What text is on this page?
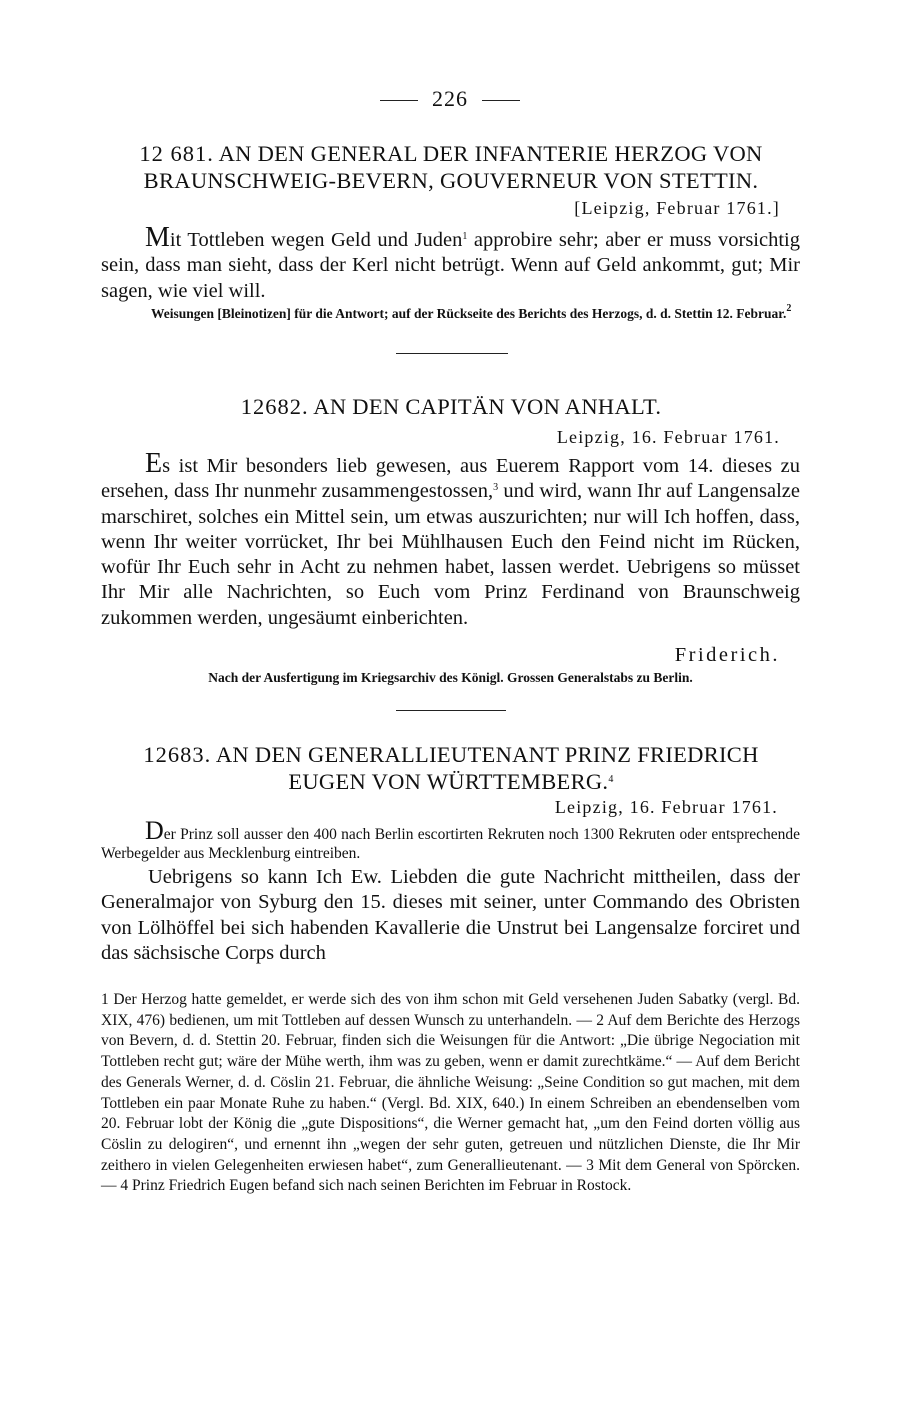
226
12 681. AN DEN GENERAL DER INFANTERIE HERZOG VON
BRAUNSCHWEIG-BEVERN, GOUVERNEUR VON STETTIN.
[Leipzig, Februar 1761.]
Mit Tottleben wegen Geld und Juden$^1$ approbire sehr; aber er muss vorsichtig sein, dass man sieht, dass der Kerl nicht betrügt. Wenn auf Geld ankommt, gut; Mir sagen, wie viel will.
Weisungen [Bleinotizen] für die Antwort; auf der Rückseite des Berichts des Herzogs, d. d. Stettin 12. Februar.$^2$
12682. AN DEN CAPITÄN VON ANHALT.
Leipzig, 16. Februar 1761.
Es ist Mir besonders lieb gewesen, aus Euerem Rapport vom 14. dieses zu ersehen, dass Ihr nunmehr zusammengestossen,$^3$ und wird, wann Ihr auf Langensalze marschiret, solches ein Mittel sein, um etwas auszurichten; nur will Ich hoffen, dass, wenn Ihr weiter vorrücket, Ihr bei Mühlhausen Euch den Feind nicht im Rücken, wofür Ihr Euch sehr in Acht zu nehmen habet, lassen werdet. Uebrigens so müsset Ihr Mir alle Nachrichten, so Euch vom Prinz Ferdinand von Braunschweig zukommen werden, ungesäumt einberichten.
Friderich.
Nach der Ausfertigung im Kriegsarchiv des Königl. Grossen Generalstabs zu Berlin.
12683. AN DEN GENERALLIEUTENANT PRINZ FRIEDRICH
EUGEN VON WÜRTTEMBERG.$^4$
Leipzig, 16. Februar 1761.
Der Prinz soll ausser den 400 nach Berlin escortirten Rekruten noch 1300 Rekruten oder entsprechende Werbegelder aus Mecklenburg eintreiben.
Uebrigens so kann Ich Ew. Liebden die gute Nachricht mittheilen, dass der Generalmajor von Syburg den 15. dieses mit seiner, unter Commando des Obristen von Lölhöffel bei sich habenden Kavallerie die Unstrut bei Langensalze forciret und das sächsische Corps durch
1 Der Herzog hatte gemeldet, er werde sich des von ihm schon mit Geld versehenen Juden Sabatky (vergl. Bd. XIX, 476) bedienen, um mit Tottleben auf dessen Wunsch zu unterhandeln. — 2 Auf dem Berichte des Herzogs von Bevern, d. d. Stettin 20. Februar, finden sich die Weisungen für die Antwort: „Die übrige Negociation mit Tottleben recht gut; wäre der Mühe werth, ihm was zu geben, wenn er damit zurechtkäme.“ — Auf dem Bericht des Generals Werner, d. d. Cöslin 21. Februar, die ähnliche Weisung: „Seine Condition so gut machen, mit dem Tottleben ein paar Monate Ruhe zu haben.“ (Vergl. Bd. XIX, 640.) In einem Schreiben an ebendenselben vom 20. Februar lobt der König die „gute Dispositions“, die Werner gemacht hat, „um den Feind dorten völlig aus Cöslin zu delogiren“, und ernennt ihn „wegen der sehr guten, getreuen und nützlichen Dienste, die Ihr Mir zeithero in vielen Gelegenheiten erwiesen habet“, zum Generallieutenant. — 3 Mit dem General von Spörcken. — 4 Prinz Friedrich Eugen befand sich nach seinen Berichten im Februar in Rostock.
